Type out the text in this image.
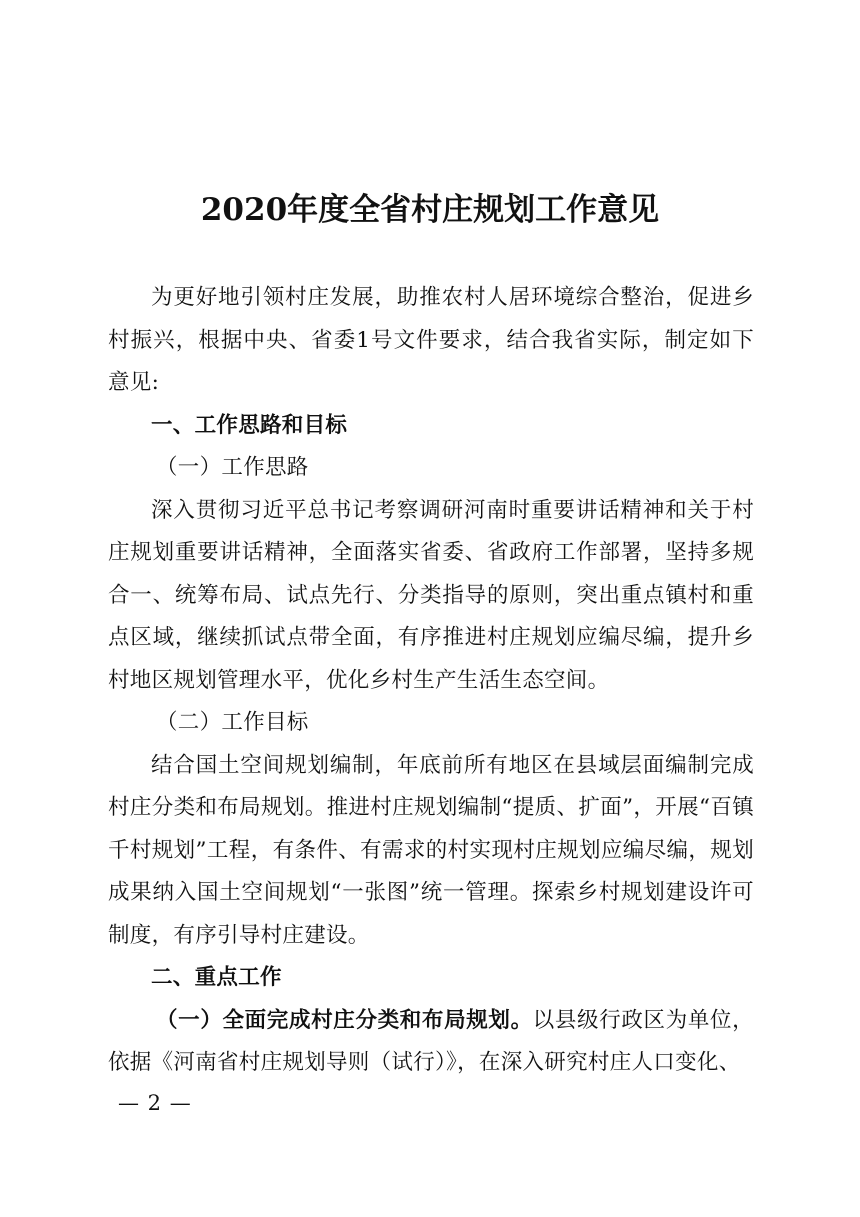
2020年度全省村庄规划工作意见

为更好地引领村庄发展，助推农村人居环境综合整治，促进乡村振兴，根据中央、省委1号文件要求，结合我省实际，制定如下意见:

一、工作思路和目标

（一）工作思路

深入贯彻习近平总书记考察调研河南时重要讲话精神和关于村庄规划重要讲话精神，全面落实省委、省政府工作部署，坚持多规合一、统筹布局、试点先行、分类指导的原则，突出重点镇村和重点区域，继续抓试点带全面，有序推进村庄规划应编尽编，提升乡村地区规划管理水平，优化乡村生产生活生态空间。

（二）工作目标

结合国土空间规划编制，年底前所有地区在县域层面编制完成村庄分类和布局规划。推进村庄规划编制“提质、扩面”，开展“百镇千村规划”工程，有条件、有需求的村实现村庄规划应编尽编，规划成果纳入国土空间规划“一张图”统一管理。探索乡村规划建设许可制度，有序引导村庄建设。

二、重点工作

（一）全面完成村庄分类和布局规划。以县级行政区为单位，依据《河南省村庄规划导则（试行）》，在深入研究村庄人口变化、

— 2 —
